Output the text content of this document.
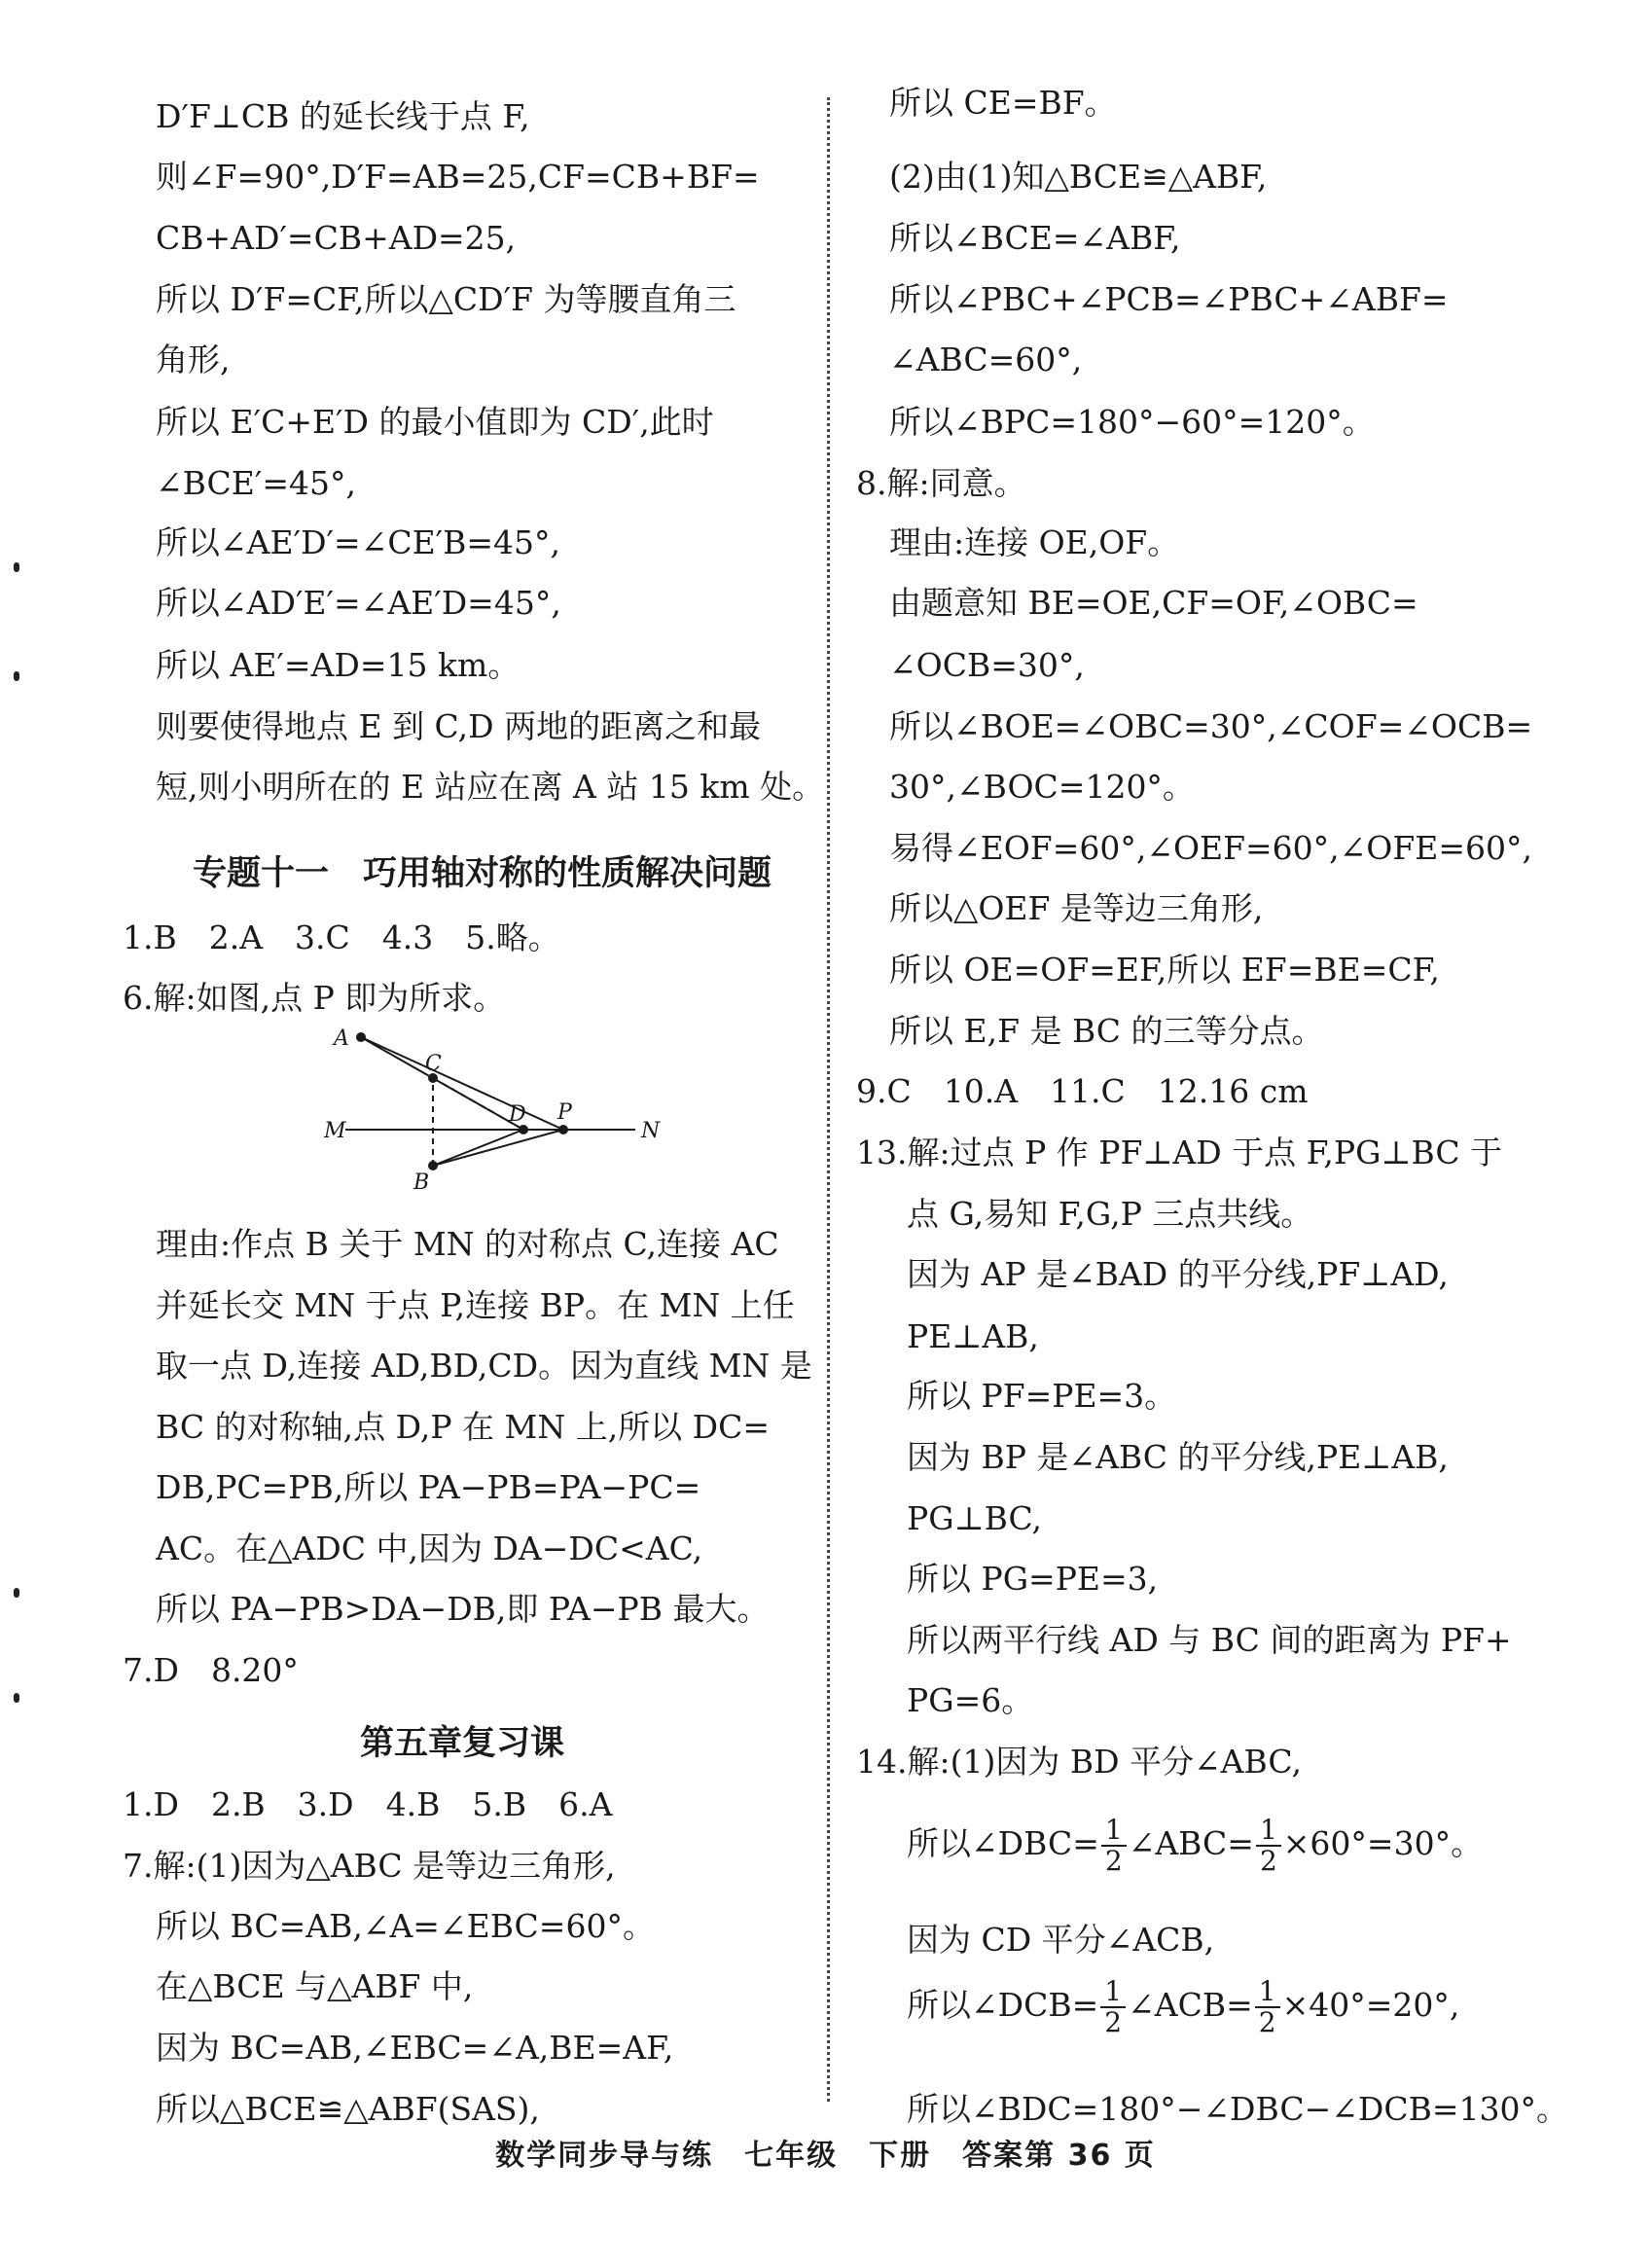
D′F⊥CB 的延长线于点 F,
则∠F=90°,D′F=AB=25,CF=CB+BF=
CB+AD′=CB+AD=25,
所以 D′F=CF,所以△CD′F 为等腰直角三
角形,
所以 E′C+E′D 的最小值即为 CD′,此时
∠BCE′=45°,
所以∠AE′D′=∠CE′B=45°,
所以∠AD′E′=∠AE′D=45°,
所以 AE′=AD=15 km。
则要使得地点 E 到 C,D 两地的距离之和最
短,则小明所在的 E 站应在离 A 站 15 km 处。
专题十一　巧用轴对称的性质解决问题
1.B　2.A　3.C　4.3　5.略。
6.解:如图,点 P 即为所求。
A
C
D P
M	N
B
理由:作点 B 关于 MN 的对称点 C,连接 AC
并延长交 MN 于点 P,连接 BP。在 MN 上任
取一点 D,连接 AD,BD,CD。因为直线 MN 是
BC 的对称轴,点 D,P 在 MN 上,所以 DC=
DB,PC=PB,所以 PA−PB=PA−PC=
AC。在△ADC 中,因为 DA−DC<AC,
所以 PA−PB>DA−DB,即 PA−PB 最大。
7.D　8.20°
第五章复习课
1.D　2.B　3.D　4.B　5.B　6.A
7.解:(1)因为△ABC 是等边三角形,
所以 BC=AB,∠A=∠EBC=60°。
在△BCE 与△ABF 中,
因为 BC=AB,∠EBC=∠A,BE=AF,
所以△BCE≌△ABF(SAS),
所以 CE=BF。
(2)由(1)知△BCE≌△ABF,
所以∠BCE=∠ABF,
所以∠PBC+∠PCB=∠PBC+∠ABF=
∠ABC=60°,
所以∠BPC=180°−60°=120°。
8.解:同意。
理由:连接 OE,OF。
由题意知 BE=OE,CF=OF,∠OBC=
∠OCB=30°,
所以∠BOE=∠OBC=30°,∠COF=∠OCB=
30°,∠BOC=120°。
易得∠EOF=60°,∠OEF=60°,∠OFE=60°,
所以△OEF 是等边三角形,
所以 OE=OF=EF,所以 EF=BE=CF,
所以 E,F 是 BC 的三等分点。
9.C　10.A　11.C　12.16 cm
13.解:过点 P 作 PF⊥AD 于点 F,PG⊥BC 于
点 G,易知 F,G,P 三点共线。
因为 AP 是∠BAD 的平分线,PF⊥AD,
PE⊥AB,
所以 PF=PE=3。
因为 BP 是∠ABC 的平分线,PE⊥AB,
PG⊥BC,
所以 PG=PE=3,
所以两平行线 AD 与 BC 间的距离为 PF+
PG=6。
14.解:(1)因为 BD 平分∠ABC,
所以∠DBC= $\frac{1}{2}$ ∠ABC= $\frac{1}{2} \times 60^\circ=30^\circ$。
因为 CD 平分∠ACB,
所以∠DCB= $\frac{1}{2}$ ∠ACB= $\frac{1}{2} \times 40^\circ=20^\circ$,
所以∠BDC=180°−∠DBC−∠DCB=130°。
数学同步导与练　七年级　下册　答案第 36 页
